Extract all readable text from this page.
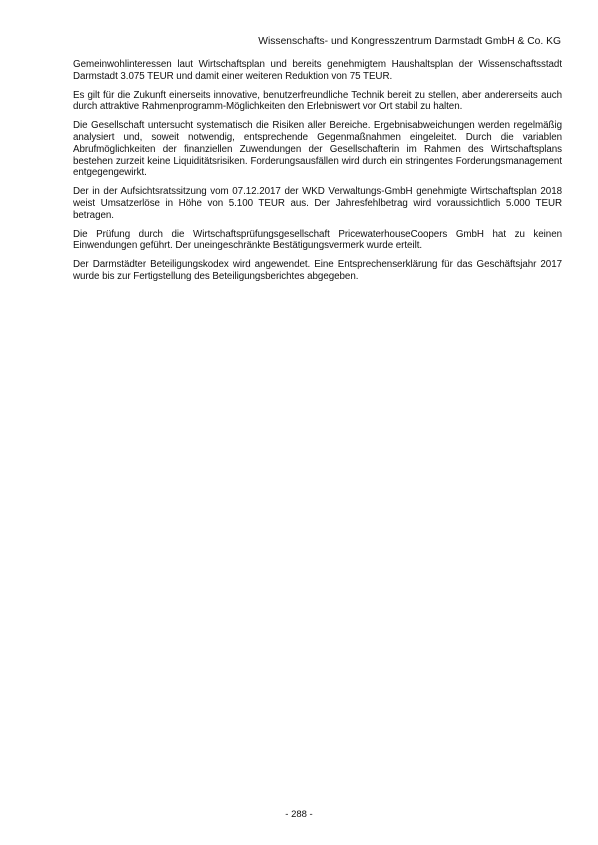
Wissenschafts- und Kongresszentrum Darmstadt GmbH & Co. KG

Gemeinwohlinteressen laut Wirtschaftsplan und bereits genehmigtem Haushaltsplan der Wissenschaftsstadt Darmstadt 3.075 TEUR und damit einer weiteren Reduktion von 75 TEUR.

Es gilt für die Zukunft einerseits innovative, benutzerfreundliche Technik bereit zu stellen, aber andererseits auch durch attraktive Rahmenprogramm-Möglichkeiten den Erlebniswert vor Ort stabil zu halten.

Die Gesellschaft untersucht systematisch die Risiken aller Bereiche. Ergebnisabweichungen werden regelmäßig analysiert und, soweit notwendig, entsprechende Gegenmaßnahmen eingeleitet. Durch die variablen Abrufmöglichkeiten der finanziellen Zuwendungen der Gesellschafterin im Rahmen des Wirtschaftsplans bestehen zurzeit keine Liquiditätsrisiken. Forderungsausfällen wird durch ein stringentes Forderungsmanagement entgegengewirkt.

Der in der Aufsichtsratssitzung vom 07.12.2017 der WKD Verwaltungs-GmbH genehmigte Wirtschaftsplan 2018 weist Umsatzerlöse in Höhe von 5.100 TEUR aus. Der Jahresfehlbetrag wird voraussichtlich 5.000 TEUR betragen.

Die Prüfung durch die Wirtschaftsprüfungsgesellschaft PricewaterhouseCoopers GmbH hat zu keinen Einwendungen geführt. Der uneingeschränkte Bestätigungsvermerk wurde erteilt.

Der Darmstädter Beteiligungskodex wird angewendet. Eine Entsprechenserklärung für das Geschäftsjahr 2017 wurde bis zur Fertigstellung des Beteiligungsberichtes abgegeben.

- 288 -
